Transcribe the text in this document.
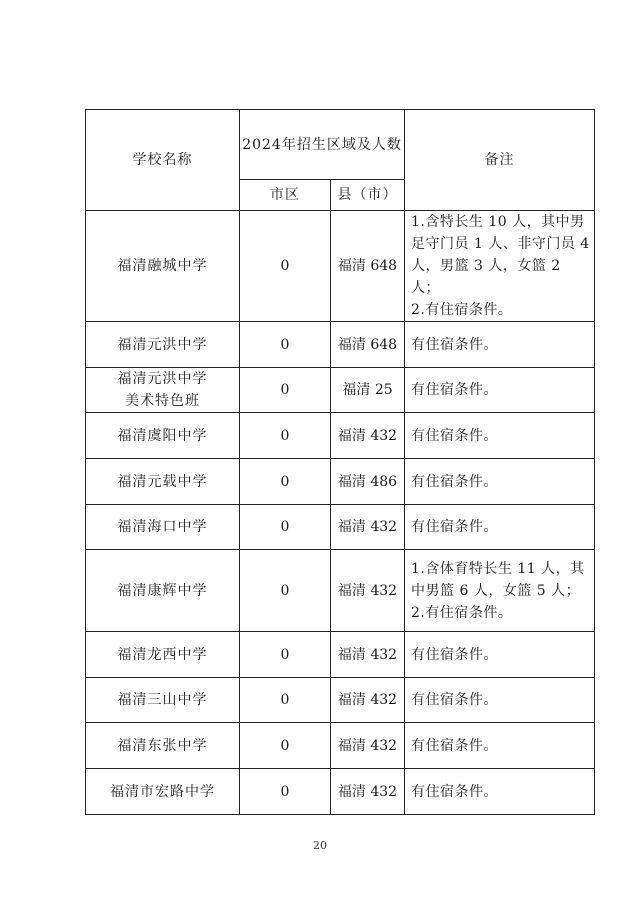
学校名称	2024年招生区域及人数		备注
	市区	县（市）	
福清融城中学	0	福清 648	1.含特长生 10 人，其中男足守门员 1 人、非守门员 4 人，男篮 3 人，女篮 2 人；
2.有住宿条件。
福清元洪中学	0	福清 648	有住宿条件。
福清元洪中学
美术特色班	0	福清 25	有住宿条件。
福清虞阳中学	0	福清 432	有住宿条件。
福清元载中学	0	福清 486	有住宿条件。
福清海口中学	0	福清 432	有住宿条件。
福清康辉中学	0	福清 432	1.含体育特长生 11 人，其中男篮 6 人，女篮 5 人；
2.有住宿条件。
福清龙西中学	0	福清 432	有住宿条件。
福清三山中学	0	福清 432	有住宿条件。
福清东张中学	0	福清 432	有住宿条件。
福清市宏路中学	0	福清 432	有住宿条件。
20
